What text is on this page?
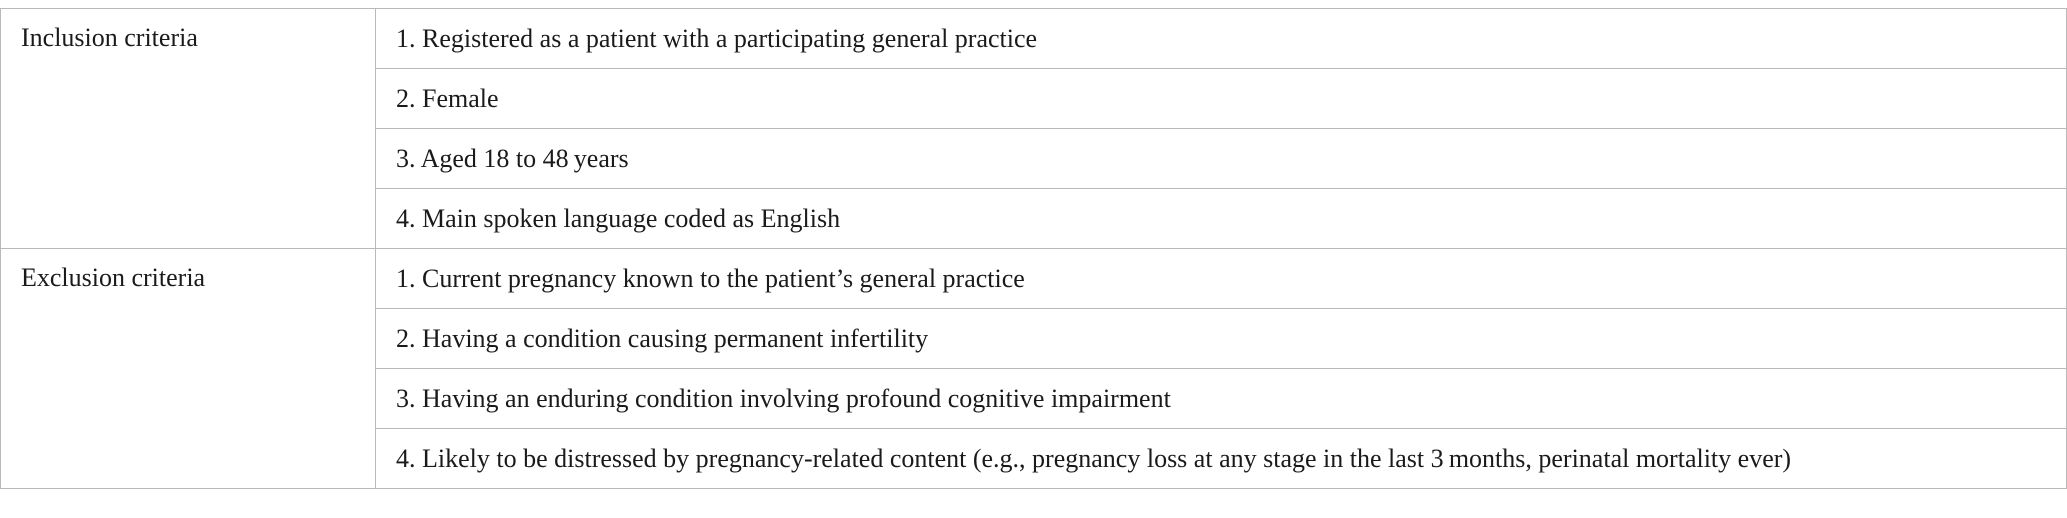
Inclusion criteria	1. Registered as a patient with a participating general practice
	2. Female
	3. Aged 18 to 48 years
	4. Main spoken language coded as English
Exclusion criteria	1. Current pregnancy known to the patient’s general practice
	2. Having a condition causing permanent infertility
	3. Having an enduring condition involving profound cognitive impairment
	4. Likely to be distressed by pregnancy-related content (e.g., pregnancy loss at any stage in the last 3 months, perinatal mortality ever)
